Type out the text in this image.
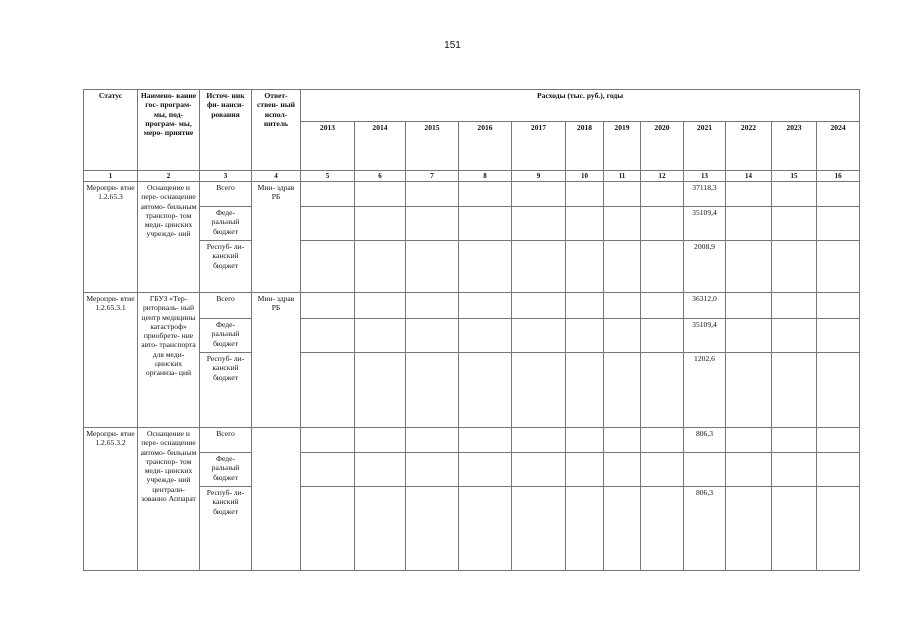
151
Статус	Наимено- вание гос- програм- мы, под- програм- мы, меро- приятие	Источ- ник фи- нанси- рования	Ответ- ствен- ный испол- нитель	Расходы (тыс. руб.), годы											
				2013	2014	2015	2016	2017	2018	2019	2020	2021	2022	2023	2024
1	2	3	4	5	6	7	8	9	10	11	12	13	14	15	16
Меропри- ятие 1.2.65.3	Оснащение и пере- оснащение автомо- бильным транспор- том меди- цинских учрежде- ний	Всего	Мин- здрав РБ									37118,3			
		Феде- ральный бюджет										35109,4			
		Респуб- ли- канский бюджет										2008,9			
Меропри- ятие 1.2.65.3.1	ГБУЗ «Тер- риториаль- ный центр медицины катастроф» приобрете- ние авто- транспорта для меди- цинских организа- ций	Всего	Мин- здрав РБ									36312,0			
		Феде- ральный бюджет										35109,4			
		Респуб- ли- канский бюджет										1202,6			
Меропри- ятие 1.2.65.3.2	Оснащение и пере- оснащение автомо- бильным транспор- том меди- цинских учрежде- ний централи- зованно Аппарат	Всего										806,3			
		Феде- ральный бюджет													
		Респуб- ли- канский бюджет										806,3			
